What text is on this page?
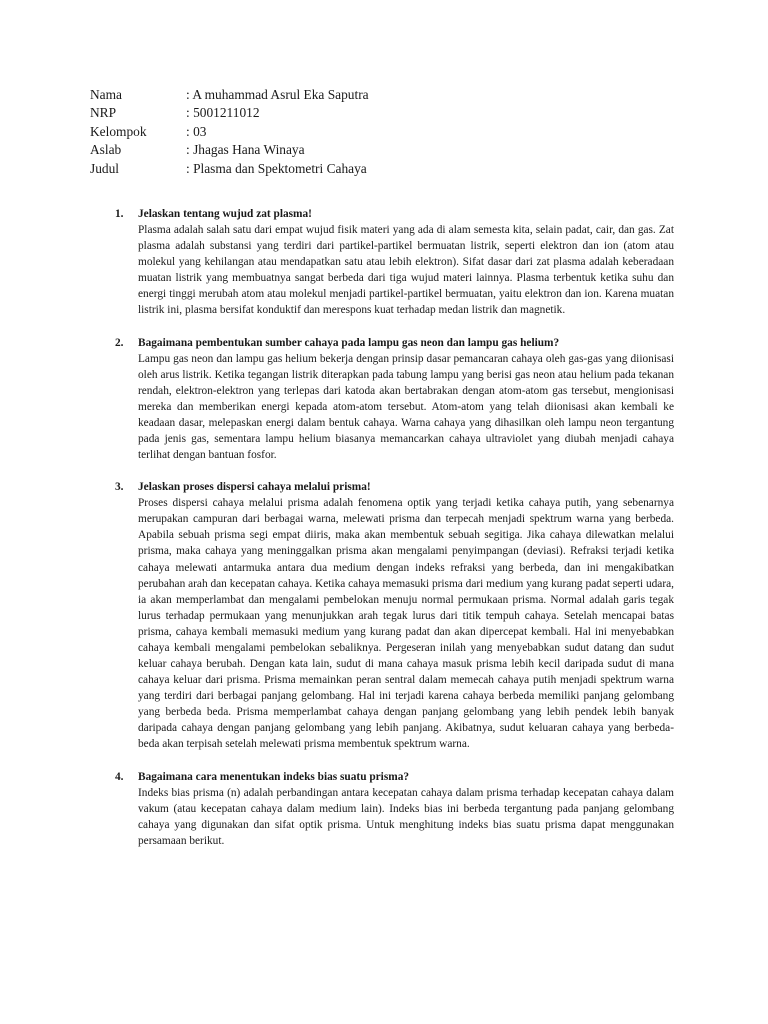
Nama	: A muhammad Asrul Eka Saputra
NRP	: 5001211012
Kelompok	: 03
Aslab	: Jhagas Hana Winaya
Judul	: Plasma dan Spektometri Cahaya
1. Jelaskan tentang wujud zat plasma!
Plasma adalah salah satu dari empat wujud fisik materi yang ada di alam semesta kita, selain padat, cair, dan gas. Zat plasma adalah substansi yang terdiri dari partikel-partikel bermuatan listrik, seperti elektron dan ion (atom atau molekul yang kehilangan atau mendapatkan satu atau lebih elektron). Sifat dasar dari zat plasma adalah keberadaan muatan listrik yang membuatnya sangat berbeda dari tiga wujud materi lainnya. Plasma terbentuk ketika suhu dan energi tinggi merubah atom atau molekul menjadi partikel-partikel bermuatan, yaitu elektron dan ion. Karena muatan listrik ini, plasma bersifat konduktif dan merespons kuat terhadap medan listrik dan magnetik.
2. Bagaimana pembentukan sumber cahaya pada lampu gas neon dan lampu gas helium?
Lampu gas neon dan lampu gas helium bekerja dengan prinsip dasar pemancaran cahaya oleh gas-gas yang diionisasi oleh arus listrik. Ketika tegangan listrik diterapkan pada tabung lampu yang berisi gas neon atau helium pada tekanan rendah, elektron-elektron yang terlepas dari katoda akan bertabrakan dengan atom-atom gas tersebut, mengionisasi mereka dan memberikan energi kepada atom-atom tersebut. Atom-atom yang telah diionisasi akan kembali ke keadaan dasar, melepaskan energi dalam bentuk cahaya. Warna cahaya yang dihasilkan oleh lampu neon tergantung pada jenis gas, sementara lampu helium biasanya memancarkan cahaya ultraviolet yang diubah menjadi cahaya terlihat dengan bantuan fosfor.
3. Jelaskan proses dispersi cahaya melalui prisma!
Proses dispersi cahaya melalui prisma adalah fenomena optik yang terjadi ketika cahaya putih, yang sebenarnya merupakan campuran dari berbagai warna, melewati prisma dan terpecah menjadi spektrum warna yang berbeda. Apabila sebuah prisma segi empat diiris, maka akan membentuk sebuah segitiga. Jika cahaya dilewatkan melalui prisma, maka cahaya yang meninggalkan prisma akan mengalami penyimpangan (deviasi). Refraksi terjadi ketika cahaya melewati antarmuka antara dua medium dengan indeks refraksi yang berbeda, dan ini mengakibatkan perubahan arah dan kecepatan cahaya. Ketika cahaya memasuki prisma dari medium yang kurang padat seperti udara, ia akan memperlambat dan mengalami pembelokan menuju normal permukaan prisma. Normal adalah garis tegak lurus terhadap permukaan yang menunjukkan arah tegak lurus dari titik tempuh cahaya. Setelah mencapai batas prisma, cahaya kembali memasuki medium yang kurang padat dan akan dipercepat kembali. Hal ini menyebabkan cahaya kembali mengalami pembelokan sebaliknya. Pergeseran inilah yang menyebabkan sudut datang dan sudut keluar cahaya berubah. Dengan kata lain, sudut di mana cahaya masuk prisma lebih kecil daripada sudut di mana cahaya keluar dari prisma. Prisma memainkan peran sentral dalam memecah cahaya putih menjadi spektrum warna yang terdiri dari berbagai panjang gelombang. Hal ini terjadi karena cahaya berbeda memiliki panjang gelombang yang berbeda beda. Prisma memperlambat cahaya dengan panjang gelombang yang lebih pendek lebih banyak daripada cahaya dengan panjang gelombang yang lebih panjang. Akibatnya, sudut keluaran cahaya yang berbeda-beda akan terpisah setelah melewati prisma membentuk spektrum warna.
4. Bagaimana cara menentukan indeks bias suatu prisma?
Indeks bias prisma (n) adalah perbandingan antara kecepatan cahaya dalam prisma terhadap kecepatan cahaya dalam vakum (atau kecepatan cahaya dalam medium lain). Indeks bias ini berbeda tergantung pada panjang gelombang cahaya yang digunakan dan sifat optik prisma. Untuk menghitung indeks bias suatu prisma dapat menggunakan persamaan berikut.
